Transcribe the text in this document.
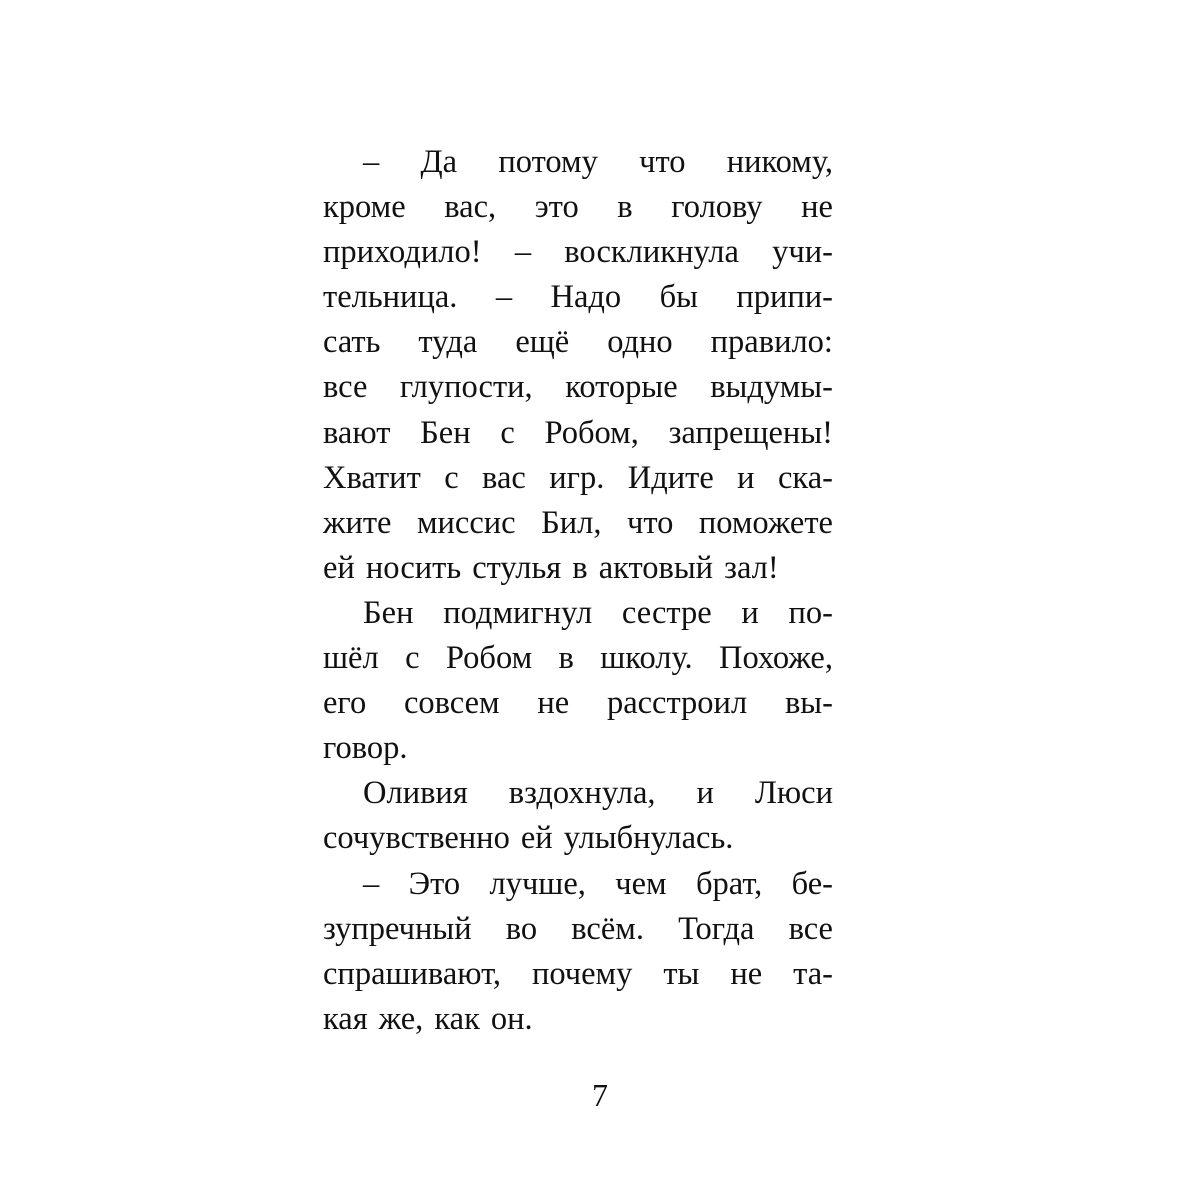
– Да потому что никому,
кроме вас, это в голову не
приходило! – воскликнула учи-
тельница. – Надо бы припи-
сать туда ещё одно правило:
все глупости, которые выдумы-
вают Бен с Робом, запрещены!
Хватит с вас игр. Идите и ска-
жите миссис Бил, что поможете
ей носить стулья в актовый зал!
Бен подмигнул сестре и по-
шёл с Робом в школу. Похоже,
его совсем не расстроил вы-
говор.
Оливия вздохнула, и Люси
сочувственно ей улыбнулась.
– Это лучше, чем брат, бе-
зупречный во всём. Тогда все
спрашивают, почему ты не та-
кая же, как он.
7
